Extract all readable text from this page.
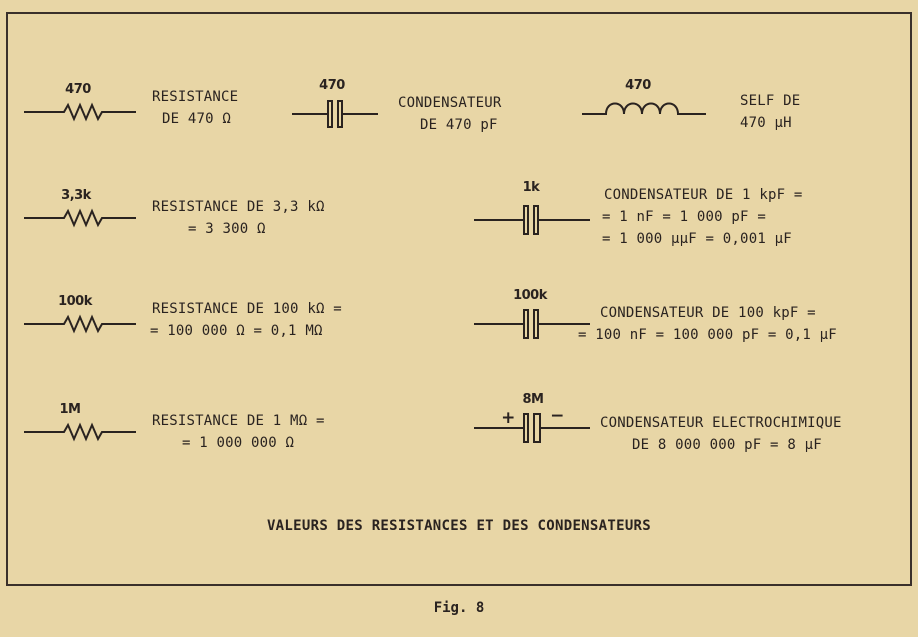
470	RESISTANCE
DE 470 Ω
470
CONDENSATEUR
DE 470 pF
470
SELF DE
470 µH
3,3k
RESISTANCE DE 3,3 kΩ
= 3 300 Ω
1k	CONDENSATEUR DE 1 kpF =
= 1 nF = 1 000 pF =
= 1 000 µµF = 0,001 µF
100k	RESISTANCE DE 100 kΩ =
= 100 000 Ω = 0,1 MΩ
100k
CONDENSATEUR DE 100 kpF =
= 100 nF = 100 000 pF = 0,1 µF
1M
RESISTANCE DE 1 MΩ =
= 1 000 000 Ω
8M
+ −	CONDENSATEUR ELECTROCHIMIQUE
DE 8 000 000 pF = 8 µF
VALEURS DES RESISTANCES ET DES CONDENSATEURS
Fig. 8
